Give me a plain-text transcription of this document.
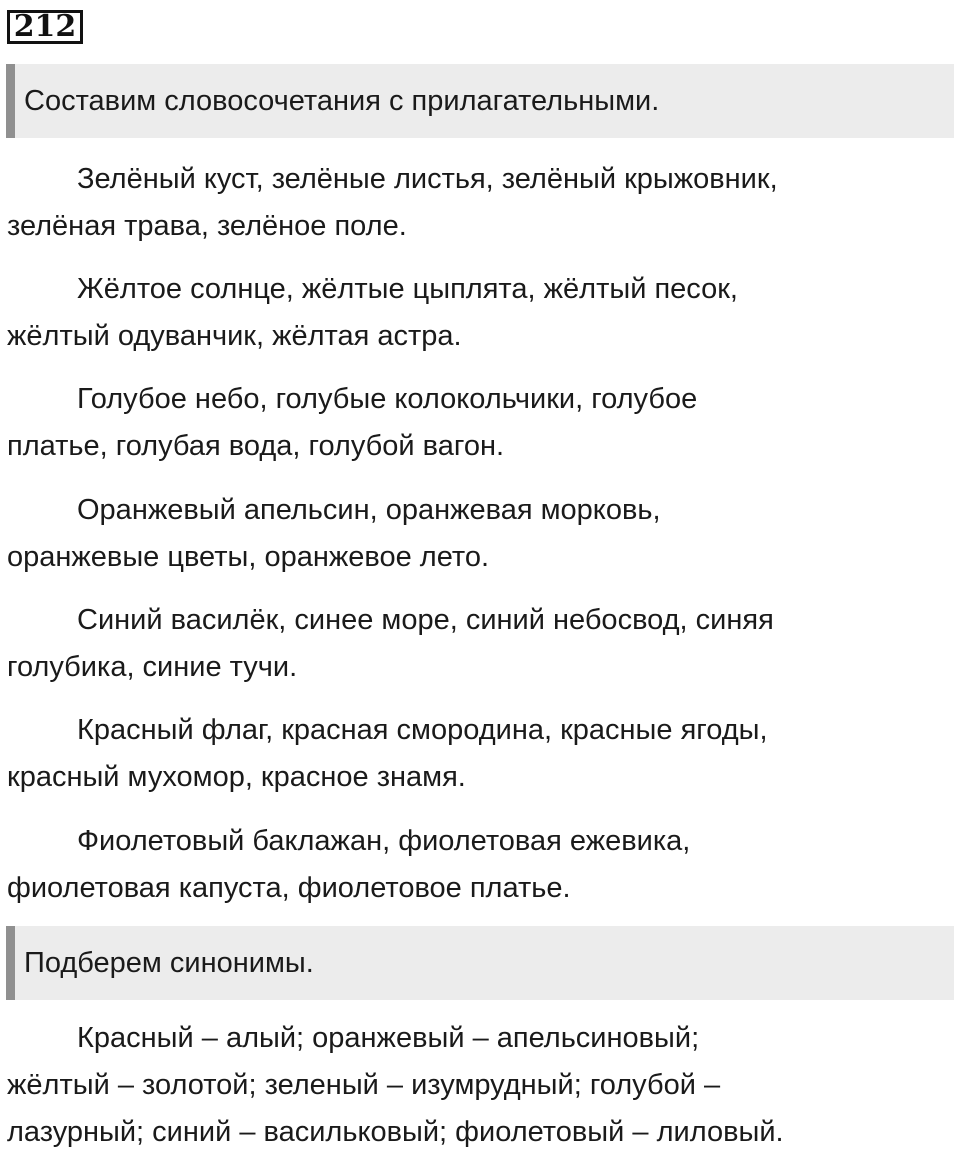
212
Составим словосочетания с прилагательными.

Зелёный куст, зелёные листья, зелёный крыжовник,
зелёная трава, зелёное поле.

Жёлтое солнце, жёлтые цыплята, жёлтый песок,
жёлтый одуванчик, жёлтая астра.

Голубое небо, голубые колокольчики, голубое
платье, голубая вода, голубой вагон.

Оранжевый апельсин, оранжевая морковь,
оранжевые цветы, оранжевое лето.

Синий василёк, синее море, синий небосвод, синяя
голубика, синие тучи.

Красный флаг, красная смородина, красные ягоды,
красный мухомор, красное знамя.

Фиолетовый баклажан, фиолетовая ежевика,
фиолетовая капуста, фиолетовое платье.

Подберем синонимы.

Красный – алый; оранжевый – апельсиновый;
жёлтый – золотой; зеленый – изумрудный; голубой –
лазурный; синий – васильковый; фиолетовый – лиловый.
